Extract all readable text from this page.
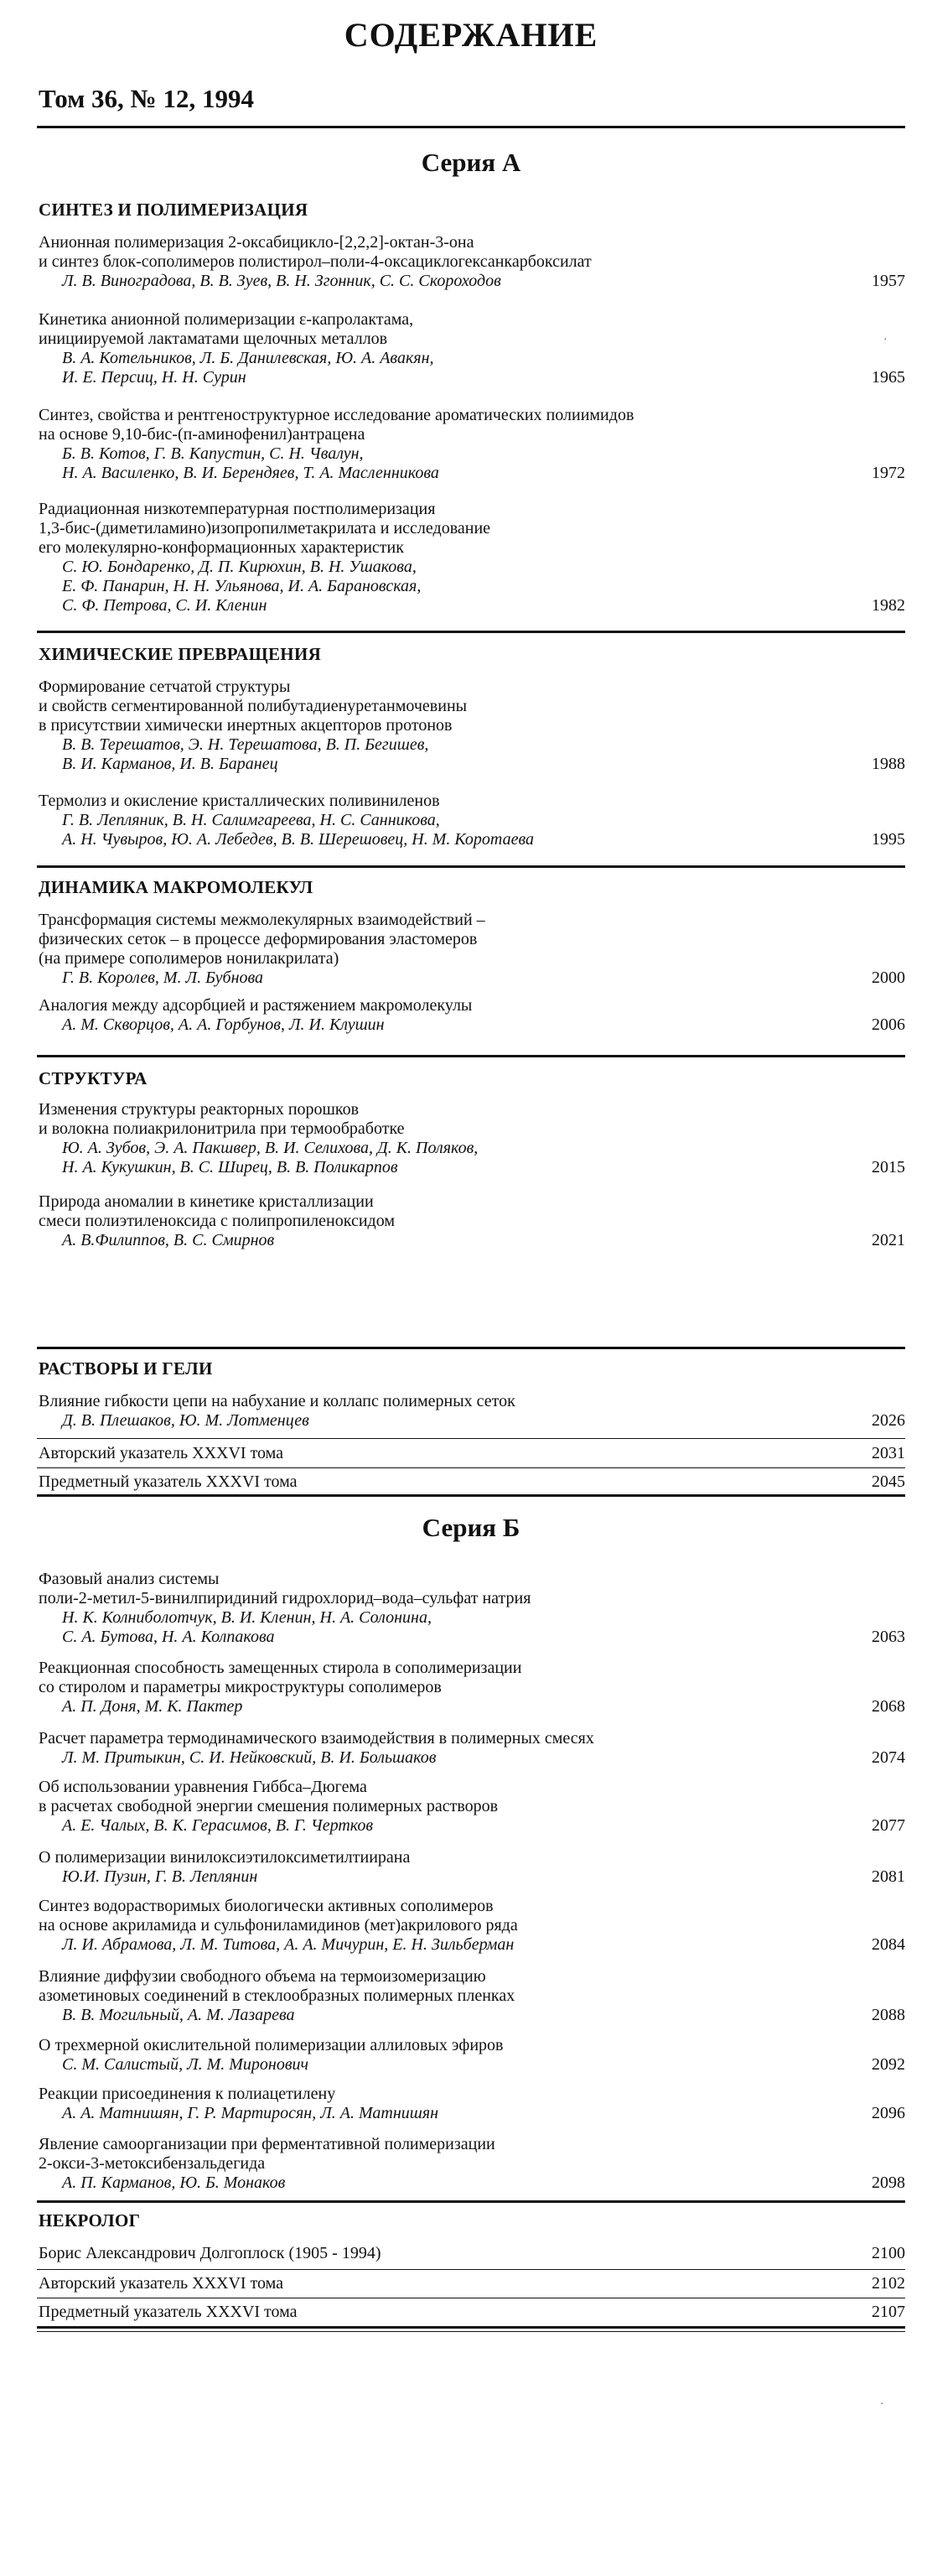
СОДЕРЖАНИЕ
Том 36, № 12, 1994
Серия А
СИНТЕЗ И ПОЛИМЕРИЗАЦИЯ
Анионная полимеризация 2-оксабицикло-[2,2,2]-октан-3-она
и синтез блок-сополимеров полистирол–поли-4-оксациклогексанкарбоксилат
Л. В. Виноградова, В. В. Зуев, В. Н. Згонник, С. С. Скороходов	1957
Кинетика анионной полимеризации ε-капролактама,
инициируемой лактаматами щелочных металлов
В. А. Котельников, Л. Б. Данилевская, Ю. А. Авакян,
И. Е. Персиц, Н. Н. Сурин	1965
·
Синтез, свойства и рентгеноструктурное исследование ароматических полиимидов
на основе 9,10-бис-(п-аминофенил)антрацена
Б. В. Котов, Г. В. Капустин, С. Н. Чвалун,
Н. А. Василенко, В. И. Берендяев, Т. А. Масленникова	1972
Радиационная низкотемпературная постполимеризация
1,3-бис-(диметиламино)изопропилметакрилата и исследование
его молекулярно-конформационных характеристик
С. Ю. Бондаренко, Д. П. Кирюхин, В. Н. Ушакова,
Е. Ф. Панарин, Н. Н. Ульянова, И. А. Барановская,
С. Ф. Петрова, С. И. Кленин	1982
ХИМИЧЕСКИЕ ПРЕВРАЩЕНИЯ
Формирование сетчатой структуры
и свойств сегментированной полибутадиенуретанмочевины
в присутствии химически инертных акцепторов протонов
В. В. Терешатов, Э. Н. Терешатова, В. П. Бегишев,
В. И. Карманов, И. В. Баранец	1988
Термолиз и окисление кристаллических поливиниленов
Г. В. Лепляник, В. Н. Салимгареева, Н. С. Санникова,
А. Н. Чувыров, Ю. А. Лебедев, В. В. Шерешовец, Н. М. Коротаева	1995
ДИНАМИКА МАКРОМОЛЕКУЛ
Трансформация системы межмолекулярных взаимодействий –
физических сеток – в процессе деформирования эластомеров
(на примере сополимеров нонилакрилата)
Г. В. Королев, М. Л. Бубнова	2000
Аналогия между адсорбцией и растяжением макромолекулы
А. М. Скворцов, А. А. Горбунов, Л. И. Клушин	2006
СТРУКТУРА
Изменения структуры реакторных порошков
и волокна полиакрилонитрила при термообработке
Ю. А. Зубов, Э. А. Пакшвер, В. И. Селихова, Д. К. Поляков,
Н. А. Кукушкин, В. С. Ширец, В. В. Поликарпов	2015
Природа аномалии в кинетике кристаллизации
смеси полиэтиленоксида с полипропиленоксидом
А. В.Филиппов, В. С. Смирнов	2021
РАСТВОРЫ И ГЕЛИ
Влияние гибкости цепи на набухание и коллапс полимерных сеток
Д. В. Плешаков, Ю. М. Лотменцев	2026
Авторский указатель XXXVI тома	2031
Предметный указатель XXXVI тома	2045
Серия Б
Фазовый анализ системы
поли-2-метил-5-винилпиридиний гидрохлорид–вода–сульфат натрия
Н. К. Колнибoлотчук, В. И. Кленин, Н. А. Солонина,
С. А. Бутова, Н. А. Колпакова	2063
Реакционная способность замещенных стирола в сополимеризации
со стиролом и параметры микроструктуры сополимеров
А. П. Доня, М. К. Пактер	2068
Расчет параметра термодинамического взаимодействия в полимерных смесях
Л. М. Притыкин, С. И. Нейковский, В. И. Большаков	2074
Об использовании уравнения Гиббса–Дюгема
в расчетах свободной энергии смешения полимерных растворов
А. Е. Чалых, В. К. Герасимов, В. Г. Чертков	2077
О полимеризации винилоксиэтилоксиметилтиирана
Ю.И. Пузин, Г. В. Леплянин	2081
Синтез водорастворимых биологически активных сополимеров
на основе акриламида и сульфониламидинов (мет)акрилового ряда
Л. И. Абрамова, Л. М. Титова, А. А. Мичурин, Е. Н. Зильберман	2084
Влияние диффузии свободного объема на термоизомеризацию
азометиновых соединений в стеклообразных полимерных пленках
В. В. Могильный, А. М. Лазарева	2088
О трехмерной окислительной полимеризации аллиловых эфиров
С. М. Салистый, Л. М. Миронович	2092
Реакции присоединения к полиацетилену
А. А. Матнишян, Г. Р. Мартиросян, Л. А. Матнишян	2096
Явление самоорганизации при ферментативной полимеризации
2-окси-3-метоксибензальдегида
А. П. Карманов, Ю. Б. Монаков	2098
НЕКРОЛОГ
Борис Александрович Долгоплоск (1905 - 1994)	2100
Авторский указатель XXXVI тома	2102
Предметный указатель XXXVI тома	2107
·
